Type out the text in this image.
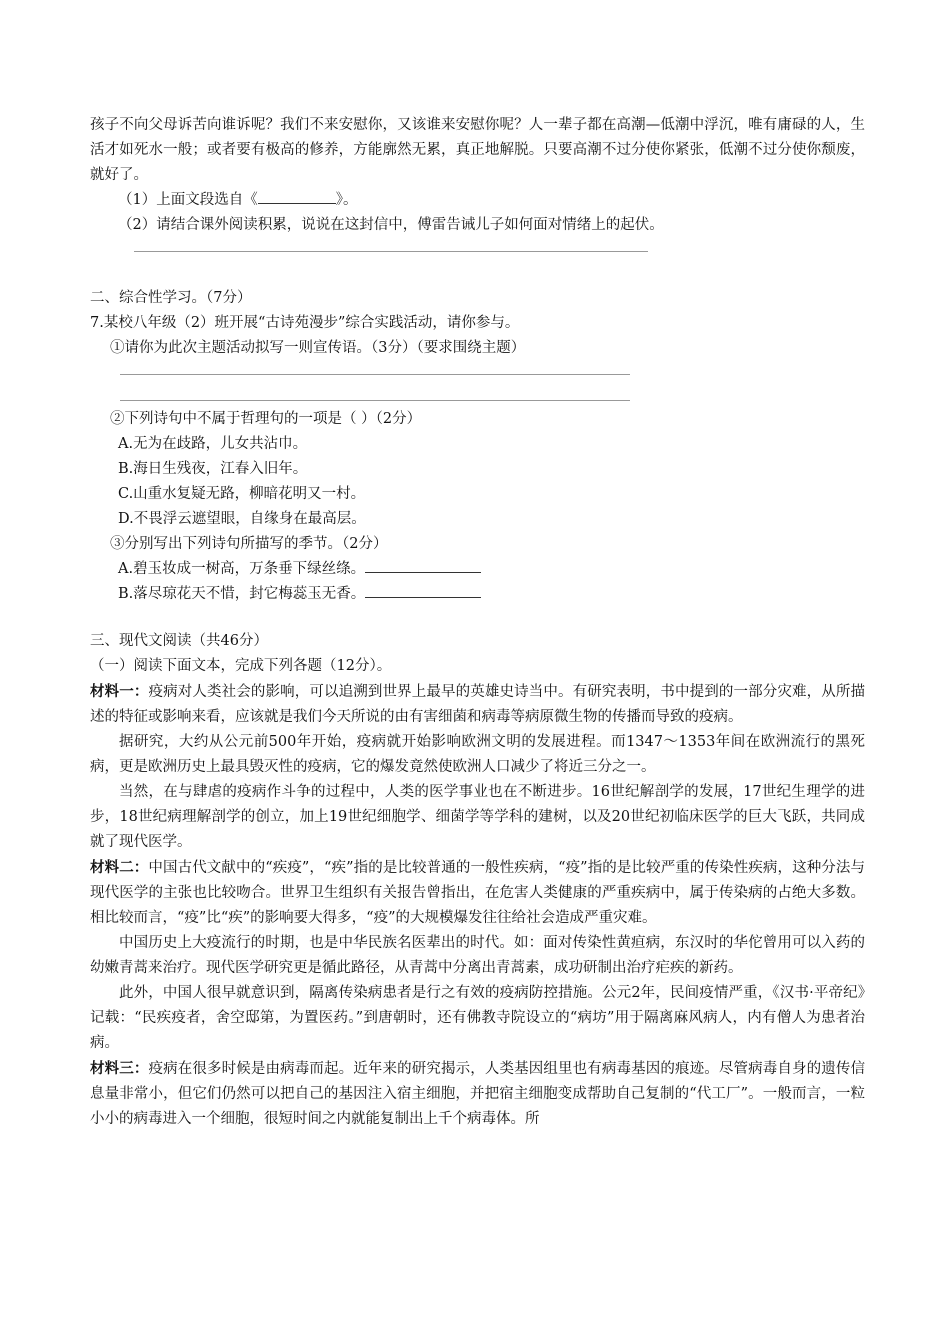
孩子不向父母诉苦向谁诉呢？我们不来安慰你，又该谁来安慰你呢？人一辈子都在高潮—低潮中浮沉，唯有庸碌的人，生活才如死水一般；或者要有极高的修养，方能廓然无累，真正地解脱。只要高潮不过分使你紧张，低潮不过分使你颓废，就好了。

（1）上面文段选自《	》。

（2）请结合课外阅读积累，说说在这封信中，傅雷告诫儿子如何面对情绪上的起伏。

二、综合性学习。（7分）

7.某校八年级（2）班开展“古诗苑漫步”综合实践活动，请你参与。

①请你为此次主题活动拟写一则宣传语。（3分）（要求围绕主题）

②下列诗句中不属于哲理句的一项是（ ）（2分）

A.无为在歧路，儿女共沾巾。

B.海日生残夜，江春入旧年。

C.山重水复疑无路，柳暗花明又一村。

D.不畏浮云遮望眼，自缘身在最高层。

③分别写出下列诗句所描写的季节。（2分）

A.碧玉妆成一树高，万条垂下绿丝绦。

B.落尽琼花天不惜，封它梅蕊玉无香。

三、现代文阅读（共46分）

（一）阅读下面文本，完成下列各题（12分）。

材料一：疫病对人类社会的影响，可以追溯到世界上最早的英雄史诗当中。有研究表明，书中提到的一部分灾难，从所描述的特征或影响来看，应该就是我们今天所说的由有害细菌和病毒等病原微生物的传播而导致的疫病。

据研究，大约从公元前500年开始，疫病就开始影响欧洲文明的发展进程。而1347～1353年间在欧洲流行的黑死病，更是欧洲历史上最具毁灭性的疫病，它的爆发竟然使欧洲人口减少了将近三分之一。

当然，在与肆虐的疫病作斗争的过程中，人类的医学事业也在不断进步。16世纪解剖学的发展，17世纪生理学的进步，18世纪病理解剖学的创立，加上19世纪细胞学、细菌学等学科的建树，以及20世纪初临床医学的巨大飞跃，共同成就了现代医学。

材料二：中国古代文献中的“疾疫”，“疾”指的是比较普通的一般性疾病，“疫”指的是比较严重的传染性疾病，这种分法与现代医学的主张也比较吻合。世界卫生组织有关报告曾指出，在危害人类健康的严重疾病中，属于传染病的占绝大多数。相比较而言，“疫”比“疾”的影响要大得多，“疫”的大规模爆发往往给社会造成严重灾难。

中国历史上大疫流行的时期，也是中华民族名医辈出的时代。如：面对传染性黄疸病，东汉时的华佗曾用可以入药的幼嫩青蒿来治疗。现代医学研究更是循此路径，从青蒿中分离出青蒿素，成功研制出治疗疟疾的新药。

此外，中国人很早就意识到，隔离传染病患者是行之有效的疫病防控措施。公元2年，民间疫情严重，《汉书·平帝纪》记载：“民疾疫者，舍空邸第，为置医药。”到唐朝时，还有佛教寺院设立的“病坊”用于隔离麻风病人，内有僧人为患者治病。

材料三：疫病在很多时候是由病毒而起。近年来的研究揭示，人类基因组里也有病毒基因的痕迹。尽管病毒自身的遗传信息量非常小，但它们仍然可以把自己的基因注入宿主细胞，并把宿主细胞变成帮助自己复制的“代工厂”。一般而言，一粒小小的病毒进入一个细胞，很短时间之内就能复制出上千个病毒体。所
